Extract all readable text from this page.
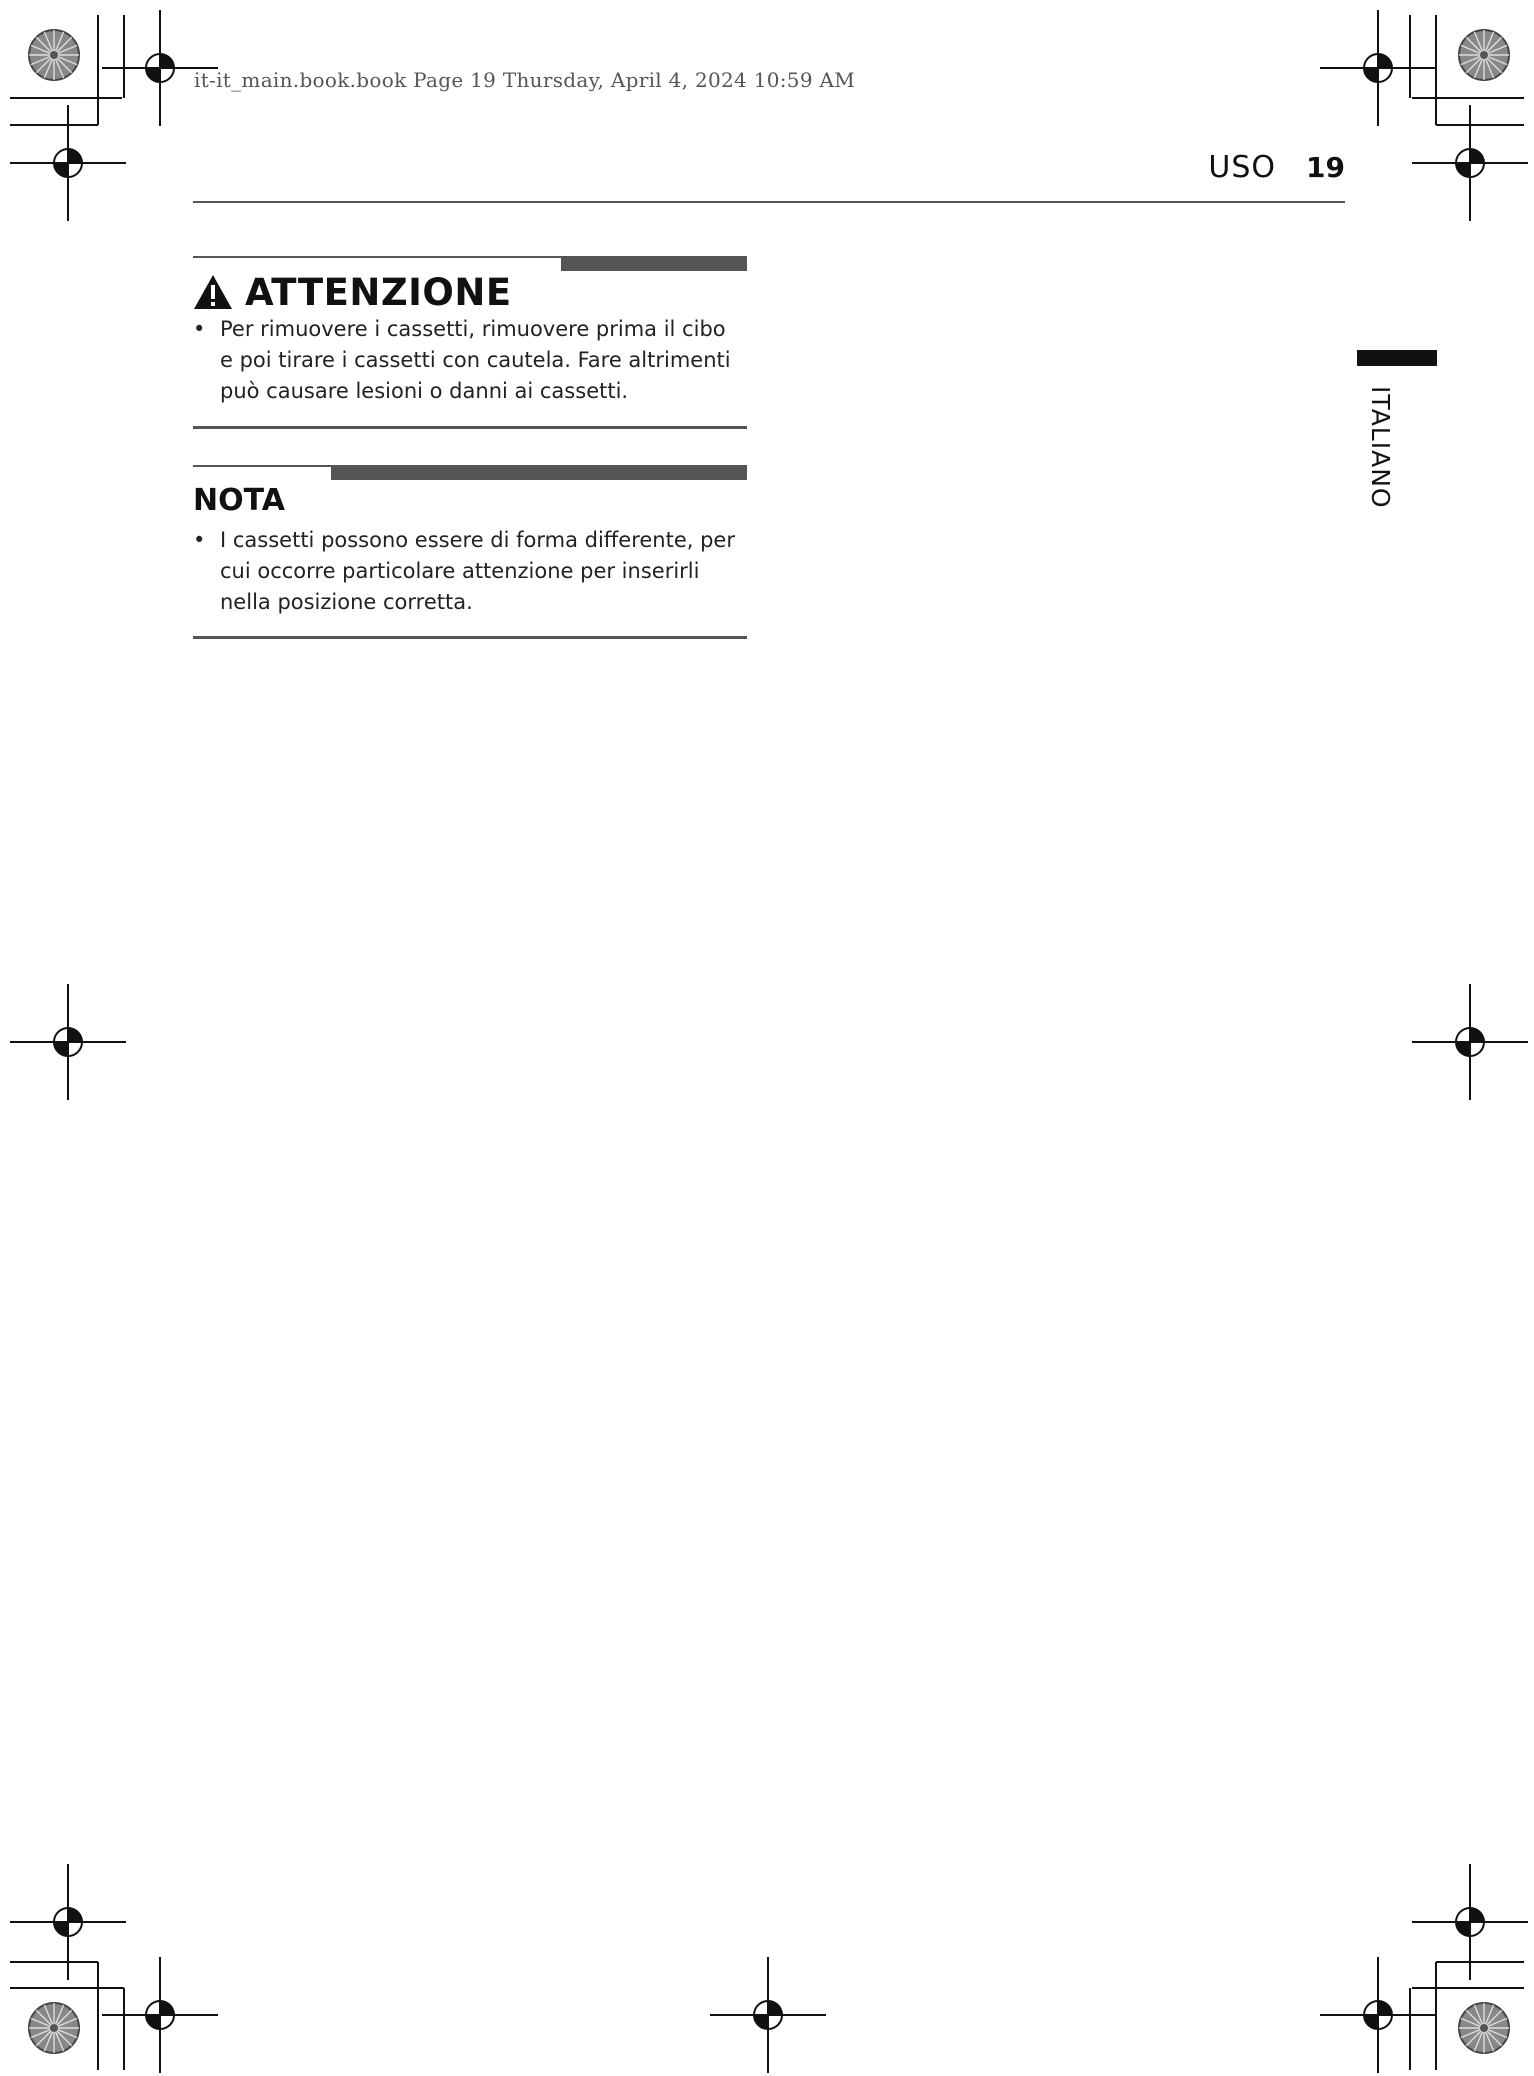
it-it_main.book.book Page 19 Thursday, April 4, 2024 10:59 AM
USO 19
ITALIANO
ATTENZIONE
• Per rimuovere i cassetti, rimuovere prima il cibo
e poi tirare i cassetti con cautela. Fare altrimenti
può causare lesioni o danni ai cassetti.
NOTA
• I cassetti possono essere di forma differente, per
cui occorre particolare attenzione per inserirli
nella posizione corretta.
